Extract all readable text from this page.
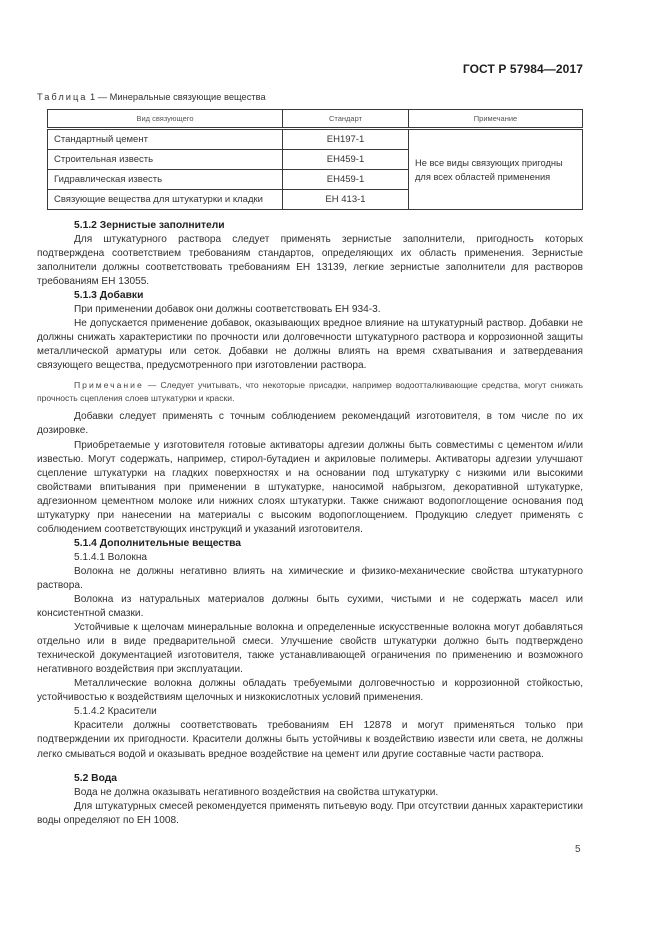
ГОСТ Р 57984—2017
Таблица 1 — Минеральные связующие вещества
Вид связующего	Стандарт	Примечание
Стандартный цемент	ЕН197-1	Не все виды связующих пригодны для всех областей применения
Строительная известь	ЕН459-1	
Гидравлическая известь	ЕН459-1	
Связующие вещества для штукатурки и кладки	ЕН 413-1	
5.1.2 Зернистые заполнители

Для штукатурного раствора следует применять зернистые заполнители, пригодность которых подтверждена соответствием требованиям стандартов, определяющих их область применения. Зернистые заполнители должны соответствовать требованиям ЕН 13139, легкие зернистые заполнители для растворов требованиям ЕН 13055.

5.1.3 Добавки

При применении добавок они должны соответствовать ЕН 934-3.

Не допускается применение добавок, оказывающих вредное влияние на штукатурный раствор. Добавки не должны снижать характеристики по прочности или долговечности штукатурного раствора и коррозионной защиты металлической арматуры или сеток. Добавки не должны влиять на время схватывания и затвердевания связующего вещества, предусмотренного при изготовлении раствора.

Примечание — Следует учитывать, что некоторые присадки, например водоотталкивающие средства, могут снижать прочность сцепления слоев штукатурки и краски.

Добавки следует применять с точным соблюдением рекомендаций изготовителя, в том числе по их дозировке.

Приобретаемые у изготовителя готовые активаторы адгезии должны быть совместимы с цементом и/или известью. Могут содержать, например, стирол-бутадиен и акриловые полимеры. Активаторы адгезии улучшают сцепление штукатурки на гладких поверхностях и на основании под штукатурку с низкими или высокими свойствами впитывания при применении в штукатурке, наносимой набрызгом, декоративной штукатурке, адгезионном цементном молоке или нижних слоях штукатурки. Также снижают водопоглощение основания под штукатурку при нанесении на материалы с высоким водопоглощением. Продукцию следует применять с соблюдением соответствующих инструкций и указаний изготовителя.

5.1.4 Дополнительные вещества

5.1.4.1 Волокна

Волокна не должны негативно влиять на химические и физико-механические свойства штукатурного раствора.

Волокна из натуральных материалов должны быть сухими, чистыми и не содержать масел или консистентной смазки.

Устойчивые к щелочам минеральные волокна и определенные искусственные волокна могут добавляться отдельно или в виде предварительной смеси. Улучшение свойств штукатурки должно быть подтверждено технической документацией изготовителя, также устанавливающей ограничения по применению и возможного негативного воздействия при эксплуатации.

Металлические волокна должны обладать требуемыми долговечностью и коррозионной стойкостью, устойчивостью к воздействиям щелочных и низкокислотных условий применения.

5.1.4.2 Красители

Красители должны соответствовать требованиям ЕН 12878 и могут применяться только при подтверждении их пригодности. Красители должны быть устойчивы к воздействию извести или света, не должны легко смываться водой и оказывать вредное воздействие на цемент или другие составные части раствора.

5.2 Вода

Вода не должна оказывать негативного воздействия на свойства штукатурки.

Для штукатурных смесей рекомендуется применять питьевую воду. При отсутствии данных характеристики воды определяют по ЕН 1008.

5
